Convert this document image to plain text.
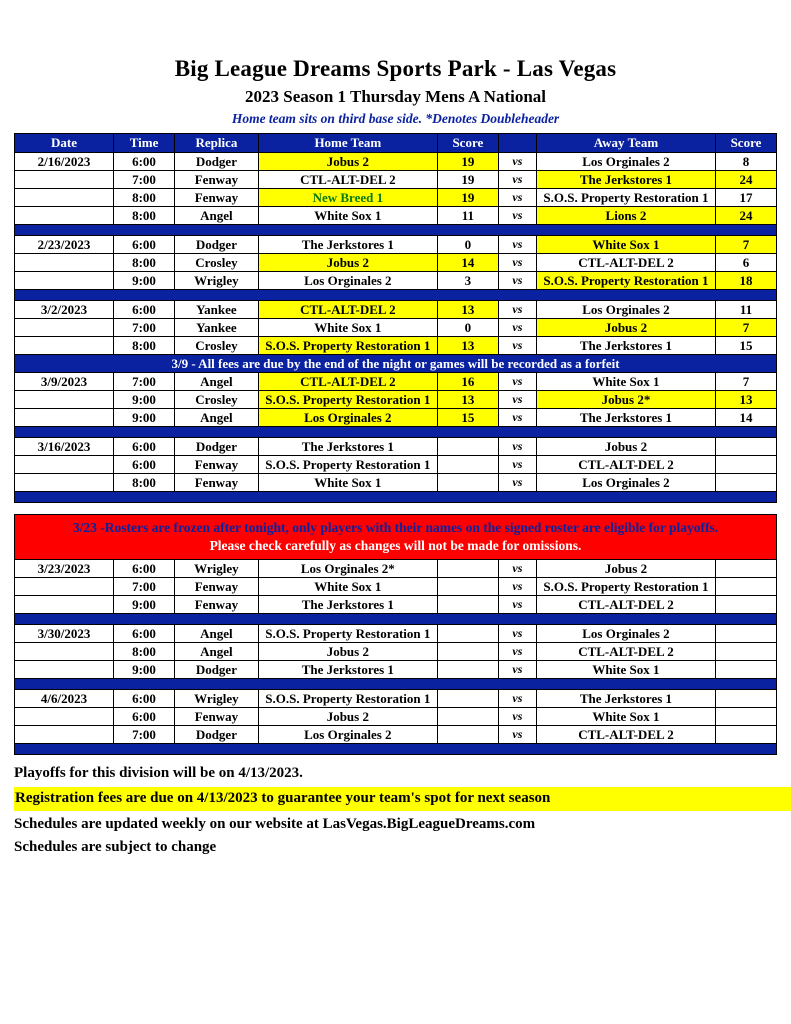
Big League Dreams Sports Park - Las Vegas
2023 Season 1 Thursday Mens A National
Home team sits on third base side. *Denotes Doubleheader
Date	Time	Replica	Home Team	Score		Away Team	Score
2/16/2023	6:00	Dodger	Jobus 2	19	vs	Los Orginales 2	8
	7:00	Fenway	CTL-ALT-DEL 2	19	vs	The Jerkstores 1	24
	8:00	Fenway	New Breed 1	19	vs	S.O.S. Property Restoration 1	17
	8:00	Angel	White Sox 1	11	vs	Lions 2	24

2/23/2023	6:00	Dodger	The Jerkstores 1	0	vs	White Sox 1	7
	8:00	Crosley	Jobus 2	14	vs	CTL-ALT-DEL 2	6
	9:00	Wrigley	Los Orginales 2	3	vs	S.O.S. Property Restoration 1	18

3/2/2023	6:00	Yankee	CTL-ALT-DEL 2	13	vs	Los Orginales 2	11
	7:00	Yankee	White Sox 1	0	vs	Jobus 2	7
	8:00	Crosley	S.O.S. Property Restoration 1	13	vs	The Jerkstores 1	15
3/9 - All fees are due by the end of the night or games will be recorded as a forfeit							
3/9/2023	7:00	Angel	CTL-ALT-DEL 2	16	vs	White Sox 1	7
	9:00	Crosley	S.O.S. Property Restoration 1	13	vs	Jobus 2*	13
	9:00	Angel	Los Orginales 2	15	vs	The Jerkstores 1	14

3/16/2023	6:00	Dodger	The Jerkstores 1		vs	Jobus 2	
	6:00	Fenway	S.O.S. Property Restoration 1		vs	CTL-ALT-DEL 2	
	8:00	Fenway	White Sox 1		vs	Los Orginales 2	

3/23 -Rosters are frozen after tonight, only players with their names on the signed roster are eligible for playoffs.
Please check carefully as changes will not be made for omissions.							

3/23/2023	6:00	Wrigley	Los Orginales 2*		vs	Jobus 2	
	7:00	Fenway	White Sox 1		vs	S.O.S. Property Restoration 1	
	9:00	Fenway	The Jerkstores 1		vs	CTL-ALT-DEL 2	

3/30/2023	6:00	Angel	S.O.S. Property Restoration 1		vs	Los Orginales 2	
	8:00	Angel	Jobus 2		vs	CTL-ALT-DEL 2	
	9:00	Dodger	The Jerkstores 1		vs	White Sox 1	

4/6/2023	6:00	Wrigley	S.O.S. Property Restoration 1		vs	The Jerkstores 1	
	6:00	Fenway	Jobus 2		vs	White Sox 1	
	7:00	Dodger	Los Orginales 2		vs	CTL-ALT-DEL 2	

Playoffs for this division will be on 4/13/2023.
Registration fees are due on 4/13/2023 to guarantee your team's spot for next season
Schedules are updated weekly on our website at LasVegas.BigLeagueDreams.com
Schedules are subject to change
